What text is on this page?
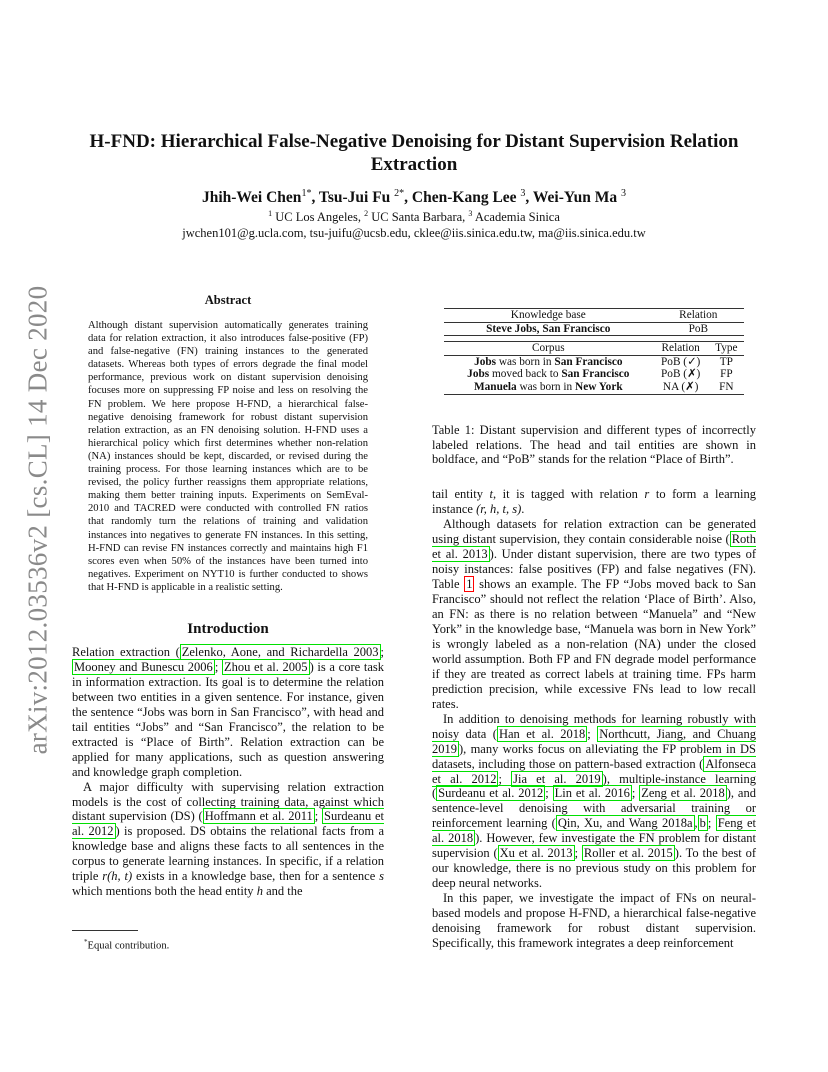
arXiv:2012.03536v2 [cs.CL] 14 Dec 2020
H-FND: Hierarchical False-Negative Denoising for Distant Supervision Relation Extraction
Jhih-Wei Chen$^{1*}$, Tsu-Jui Fu $^{2*}$, Chen-Kang Lee $^3$, Wei-Yun Ma $^3$
$^1$ UC Los Angeles, $^2$ UC Santa Barbara, $^3$ Academia Sinica
jwchen101@g.ucla.com, tsu-juifu@ucsb.edu, cklee@iis.sinica.edu.tw, ma@iis.sinica.edu.tw
Abstract
Although distant supervision automatically generates training data for relation extraction, it also introduces false-positive (FP) and false-negative (FN) training instances to the generated datasets. Whereas both types of errors degrade the final model performance, previous work on distant supervision denoising focuses more on suppressing FP noise and less on resolving the FN problem. We here propose H-FND, a hierarchical false-negative denoising framework for robust distant supervision relation extraction, as an FN denoising solution. H-FND uses a hierarchical policy which first determines whether non-relation (NA) instances should be kept, discarded, or revised during the training process. For those learning instances which are to be revised, the policy further reassigns them appropriate relations, making them better training inputs. Experiments on SemEval-2010 and TACRED were conducted with controlled FN ratios that randomly turn the relations of training and validation instances into negatives to generate FN instances. In this setting, H-FND can revise FN instances correctly and maintains high F1 scores even when 50% of the instances have been turned into negatives. Experiment on NYT10 is further conducted to shows that H-FND is applicable in a realistic setting.
Introduction

Relation extraction ( Zelenko, Aone, and Richardella 2003 ; Mooney and Bunescu 2006 ; Zhou et al. 2005 ) is a core task in information extraction. Its goal is to determine the relation between two entities in a given sentence. For instance, given the sentence “Jobs was born in San Francisco”, with head and tail entities “Jobs” and “San Francisco”, the relation to be extracted is “Place of Birth”. Relation extraction can be applied for many applications, such as question answering and knowledge graph completion.

A major difficulty with supervising relation extraction models is the cost of collecting training data, against which distant supervision (DS) ( Hoffmann et al. 2011 ; Surdeanu et al. 2012 ) is proposed. DS obtains the relational facts from a knowledge base and aligns these facts to all sentences in the corpus to generate learning instances. In specific, if a relation triple r(h, t) exists in a knowledge base, then for a sentence s which mentions both the head entity h and the

*Equal contribution.
Knowledge base	Relation	
Steve Jobs, San Francisco	PoB	

Corpus	Relation	Type
Jobs was born in San Francisco	PoB (✓)	TP
Jobs moved back to San Francisco	PoB (✗)	FP
Manuela was born in New York	NA (✗)	FN

Table 1: Distant supervision and different types of incorrectly labeled relations. The head and tail entities are shown in boldface, and “PoB” stands for the relation “Place of Birth”.

tail entity t, it is tagged with relation r to form a learning instance (r, h, t, s).

Although datasets for relation extraction can be generated using distant supervision, they contain considerable noise ( Roth et al. 2013 ). Under distant supervision, there are two types of noisy instances: false positives (FP) and false negatives (FN). Table 1 shows an example. The FP “Jobs moved back to San Francisco” should not reflect the relation ‘Place of Birth’. Also, an FN: as there is no relation between “Manuela” and “New York” in the knowledge base, “Manuela was born in New York” is wrongly labeled as a non-relation (NA) under the closed world assumption. Both FP and FN degrade model performance if they are treated as correct labels at training time. FPs harm prediction precision, while excessive FNs lead to low recall rates.

In addition to denoising methods for learning robustly with noisy data ( Han et al. 2018 ; Northcutt, Jiang, and Chuang 2019 ), many works focus on alleviating the FP problem in DS datasets, including those on pattern-based extraction ( Alfonseca et al. 2012 ; Jia et al. 2019 ), multiple-instance learning ( Surdeanu et al. 2012 ; Lin et al. 2016 ; Zeng et al. 2018 ), and sentence-level denoising with adversarial training or reinforcement learning ( Qin, Xu, and Wang 2018a , b ; Feng et al. 2018 ). However, few investigate the FN problem for distant supervision ( Xu et al. 2013 ; Roller et al. 2015 ). To the best of our knowledge, there is no previous study on this problem for deep neural networks.

In this paper, we investigate the impact of FNs on neural-based models and propose H-FND, a hierarchical false-negative denoising framework for robust distant supervision. Specifically, this framework integrates a deep reinforcement
